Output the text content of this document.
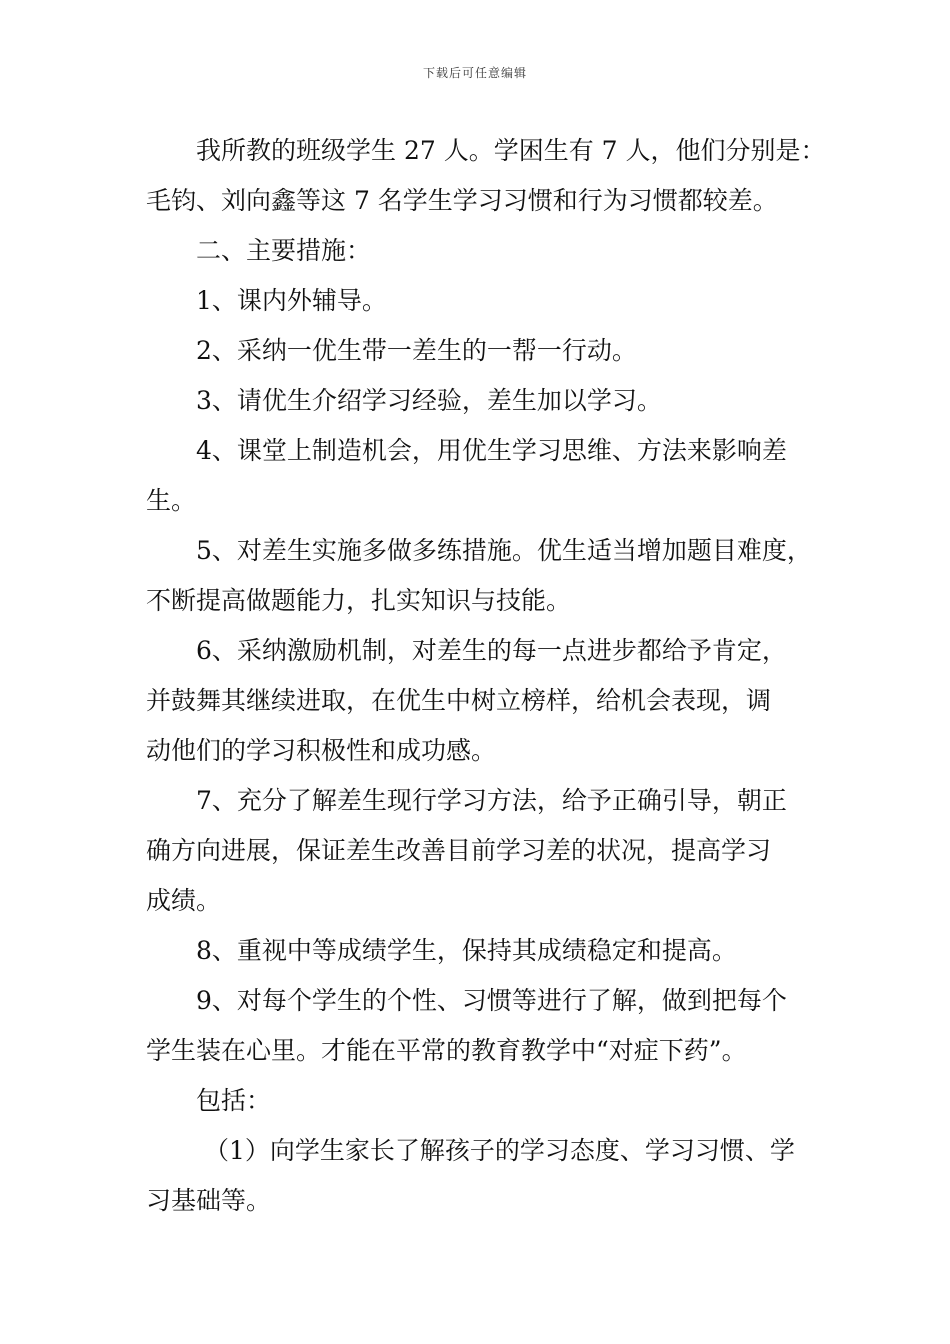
下载后可任意编辑
我所教的班级学生 27 人。学困生有 7 人，他们分别是：
毛钧、刘向鑫等这 7 名学生学习习惯和行为习惯都较差。
二、主要措施：
1、课内外辅导。
2、采纳一优生带一差生的一帮一行动。
3、请优生介绍学习经验，差生加以学习。
4、课堂上制造机会，用优生学习思维、方法来影响差
生。
5、对差生实施多做多练措施。优生适当增加题目难度，
不断提高做题能力，扎实知识与技能。
6、采纳激励机制，对差生的每一点进步都给予肯定，
并鼓舞其继续进取，在优生中树立榜样，给机会表现，调
动他们的学习积极性和成功感。
7、充分了解差生现行学习方法，给予正确引导，朝正
确方向进展，保证差生改善目前学习差的状况，提高学习
成绩。
8、重视中等成绩学生，保持其成绩稳定和提高。
9、对每个学生的个性、习惯等进行了解，做到把每个
学生装在心里。才能在平常的教育教学中“对症下药”。
包括：
（1）向学生家长了解孩子的学习态度、学习习惯、学
习基础等。
